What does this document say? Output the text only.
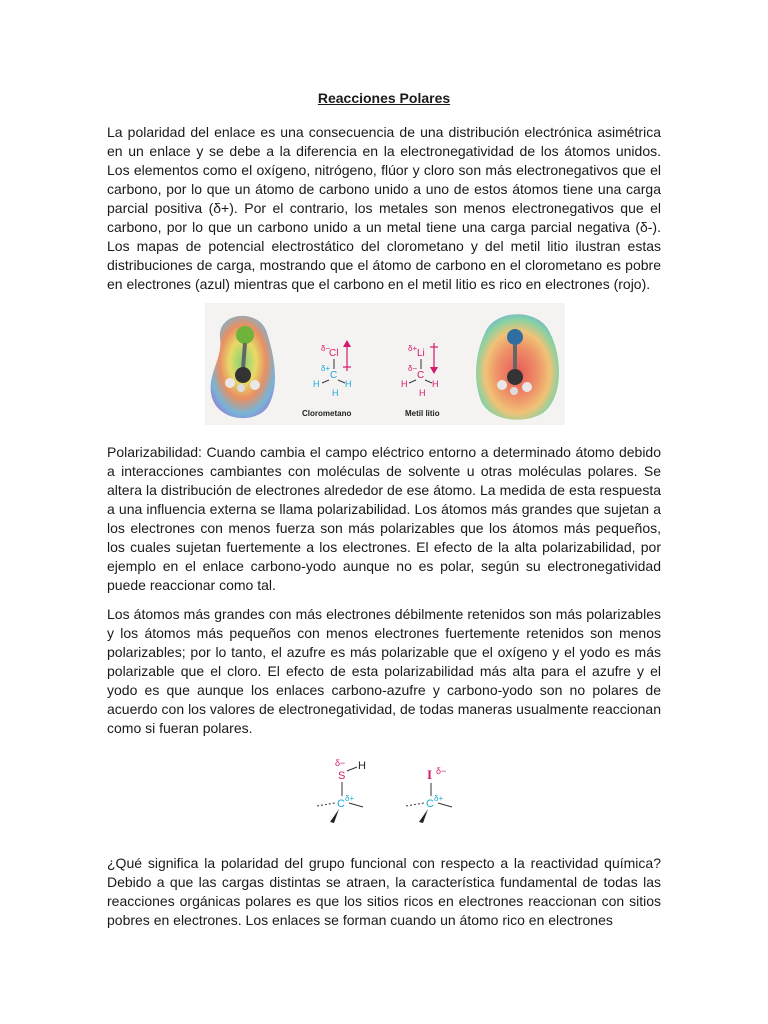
Reacciones Polares

La polaridad del enlace es una consecuencia de una distribución electrónica asimétrica en un enlace y se debe a la diferencia en la electronegatividad de los átomos unidos. Los elementos como el oxígeno, nitrógeno, flúor y cloro son más electronegativos que el carbono, por lo que un átomo de carbono unido a uno de estos átomos tiene una carga parcial positiva (δ+). Por el contrario, los metales son menos electronegativos que el carbono, por lo que un carbono unido a un metal tiene una carga parcial negativa (δ-). Los mapas de potencial electrostático del clorometano y del metil litio ilustran estas distribuciones de carga, mostrando que el átomo de carbono en el clorometano es pobre en electrones (azul) mientras que el carbono en el metil litio es rico en electrones (rojo).

δ−
Cl
δ+
C
H	H
H
Clorometano
δ+ Li
δ−
C
H	H
H
Metil litio

Polarizabilidad: Cuando cambia el campo eléctrico entorno a determinado átomo debido a interacciones cambiantes con moléculas de solvente u otras moléculas polares. Se altera la distribución de electrones alrededor de ese átomo. La medida de esta respuesta a una influencia externa se llama polarizabilidad. Los átomos más grandes que sujetan a los electrones con menos fuerza son más polarizables que los átomos más pequeños, los cuales sujetan fuertemente a los electrones. El efecto de la alta polarizabilidad, por ejemplo en el enlace carbono-yodo aunque no es polar, según su electronegatividad puede reaccionar como tal.

Los átomos más grandes con más electrones débilmente retenidos son más polarizables y los átomos más pequeños con menos electrones fuertemente retenidos son menos polarizables; por lo tanto, el azufre es más polarizable que el oxígeno y el yodo es más polarizable que el cloro. El efecto de esta polarizabilidad más alta para el azufre y el yodo es que aunque los enlaces carbono-azufre y carbono-yodo son no polares de acuerdo con los valores de electronegatividad, de todas maneras usualmente reaccionan como si fueran polares.

δ−
S
H
C δ+
I δ−
C δ+

¿Qué significa la polaridad del grupo funcional con respecto a la reactividad química? Debido a que las cargas distintas se atraen, la característica fundamental de todas las reacciones orgánicas polares es que los sitios ricos en electrones reaccionan con sitios pobres en electrones. Los enlaces se forman cuando un átomo rico en electrones
